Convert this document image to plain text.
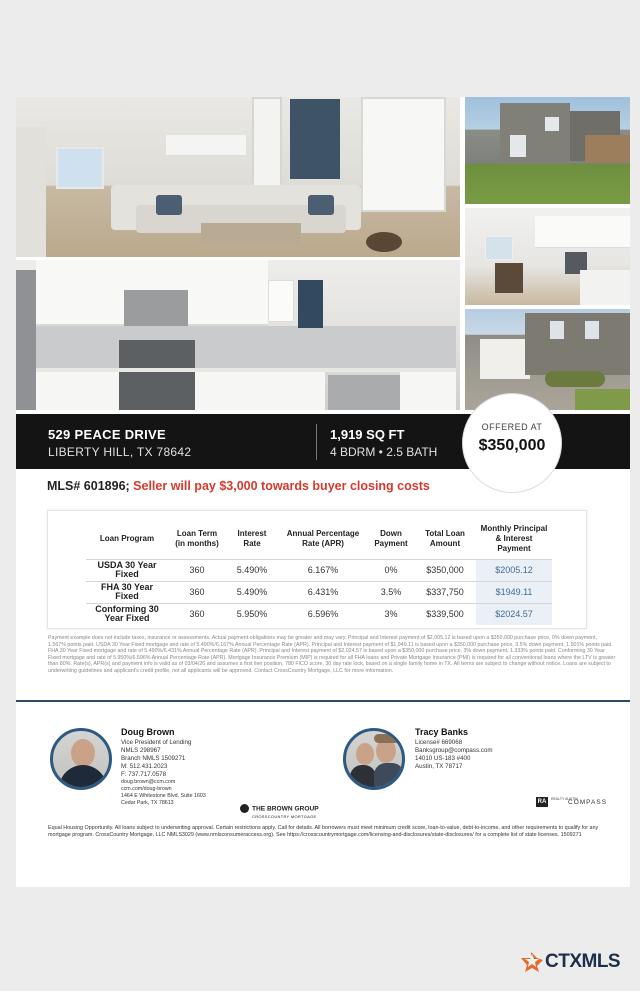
529 PEACE DRIVE
LIBERTY HILL, TX 78642
1,919 SQ FT
4 BDRM • 2.5 BATH
OFFERED AT
$350,000
MLS# 601896; Seller will pay $3,000 towards buyer closing costs
Loan Program	Loan Term (in months)	Interest Rate	Annual Percentage Rate (APR)	Down Payment	Total Loan Amount	Monthly Principal & Interest Payment
USDA 30 Year Fixed	360	5.490%	6.167%	0%	$350,000	$2005.12
FHA 30 Year Fixed	360	5.490%	6.431%	3.5%	$337,750	$1949.11
Conforming 30 Year Fixed	360	5.950%	6.596%	3%	$339,500	$2024.57
Payment example does not include taxes, insurance or assessments. Actual payment obligations may be greater and may vary. Principal and Interest payment of $2,005.12 is based upon a $350,000 purchase price, 0% down payment, 1.567% points paid. USDA 30 Year Fixed mortgage and rate of 5.490%/6.167% Annual Percentage Rate (APR). Principal and Interest payment of $1,949.11 is based upon a $350,000 purchase price, 3.5% down payment, 1.501% points paid. FHA 30 Year Fixed mortgage and rate of 5.490%/6.431% Annual Percentage Rate (APR). Principal and Interest payment of $2,024.57 is based upon a $350,000 purchase price, 3% down payment, 1.333% points paid. Conforming 30 Year Fixed mortgage and rate of 5.950%/6.596% Annual Percentage Rate (APR). Mortgage Insurance Premium (MIP) is required for all FHA loans and Private Mortgage Insurance (PMI) is required for all conventional loans where the LTV is greater than 80%. Rate(s), APR(s) and payment info is valid as of 03/04/26 and assumes a first lien position, 780 FICO score, 30 day rate lock, based on a single family home in TX. All terms are subject to change without notice. Loans are subject to underwriting guidelines and applicant's credit profile, not all applicants will be approved. Contact CrossCountry Mortgage, LLC for more information.
Doug Brown
Vice President of Lending
NMLS 298967
Branch NMLS 1509271
M: 512.431.2023
F: 737.717.0578
doug.brown@ccm.com
ccm.com/doug-brown
1464 E Whitestone Blvd. Suite 1603
Cedar Park, TX 78613
Tracy Banks
License# 669068
Banksgroup@compass.com
14010 US-183 #400
Austin, TX 78717
THE BROWN GROUP
CROSSCOUNTRY MORTGAGE
RA	REALTY AUSTIN
COMPASS
Equal Housing Opportunity. All loans subject to underwriting approval. Certain restrictions apply. Call for details. All borrowers must meet minimum credit score, loan-to-value, debt-to-income, and other requirements to qualify for any mortgage program. CrossCountry Mortgage, LLC NMLS3029 (www.nmlsconsumeraccess.org). See https://crosscountrymortgage.com/licensing-and-disclosures/state-disclosures/ for a complete list of state licenses. 1509271
CTXMLS
